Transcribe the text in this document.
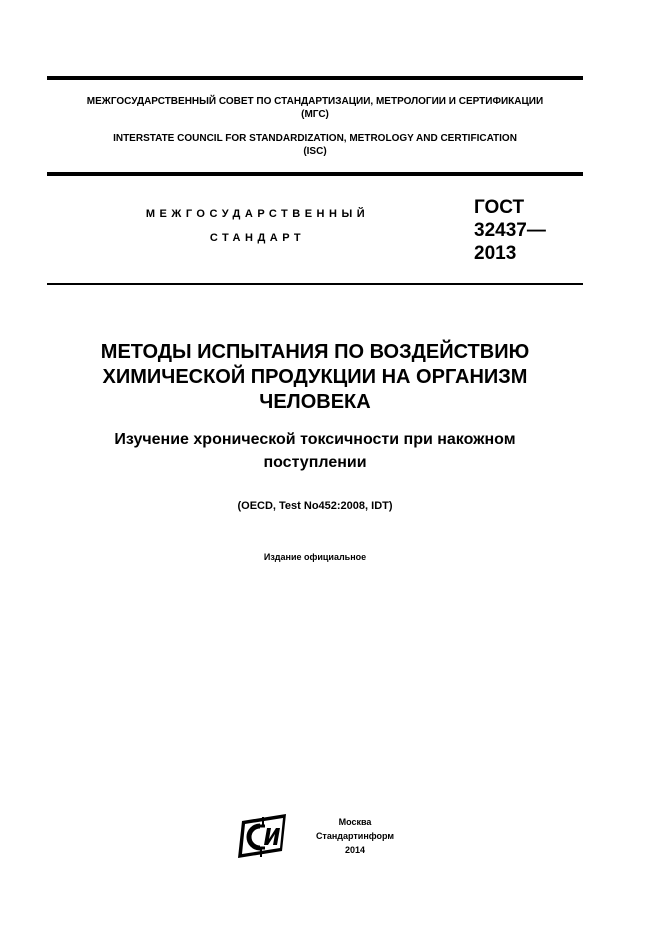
МЕЖГОСУДАРСТВЕННЫЙ СОВЕТ ПО СТАНДАРТИЗАЦИИ, МЕТРОЛОГИИ И СЕРТИФИКАЦИИ
(МГС)
INTERSTATE COUNCIL FOR STANDARDIZATION, METROLOGY AND CERTIFICATION
(ISC)
МЕЖГОСУДАРСТВЕННЫЙ
СТАНДАРТ
ГОСТ
32437—
2013
МЕТОДЫ ИСПЫТАНИЯ ПО ВОЗДЕЙСТВИЮ
ХИМИЧЕСКОЙ ПРОДУКЦИИ НА ОРГАНИЗМ
ЧЕЛОВЕКА
Изучение хронической токсичности при накожном
поступлении
(OECD, Test No452:2008, IDT)
Издание официальное
Москва
Стандартинформ
2014
